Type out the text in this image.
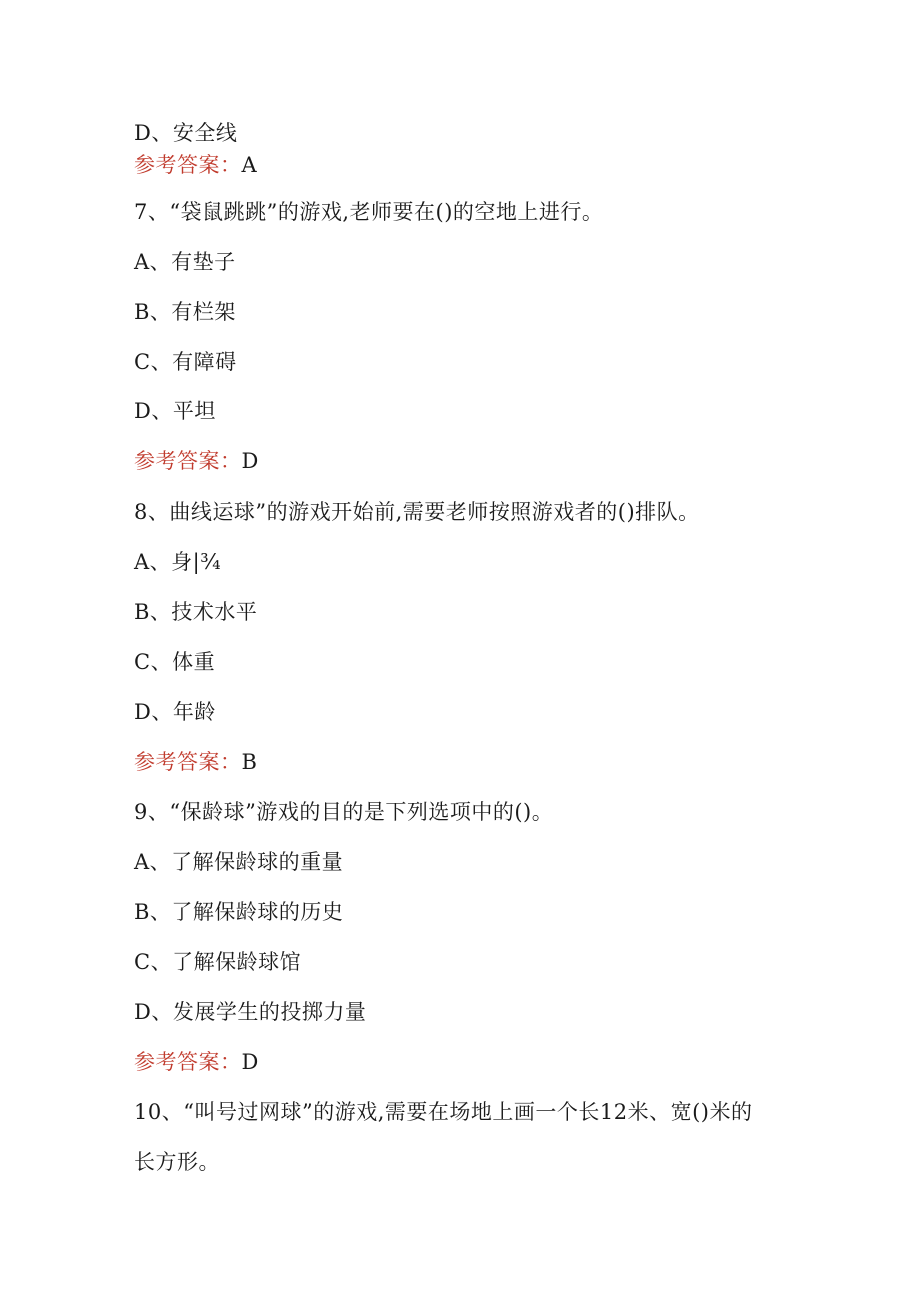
D、安全线
参考答案：A
7、“袋鼠跳跳”的游戏,老师要在()的空地上进行。
A、有垫子
B、有栏架
C、有障碍
D、平坦
参考答案：D
8、曲线运球”的游戏开始前,需要老师按照游戏者的()排队。
A、身|¾
B、技术水平
C、体重
D、年龄
参考答案：B
9、“保龄球”游戏的目的是下列选项中的()。
A、了解保龄球的重量
B、了解保龄球的历史
C、了解保龄球馆
D、发展学生的投掷力量
参考答案：D
10、“叫号过网球”的游戏,需要在场地上画一个长12米、宽()米的
长方形。
